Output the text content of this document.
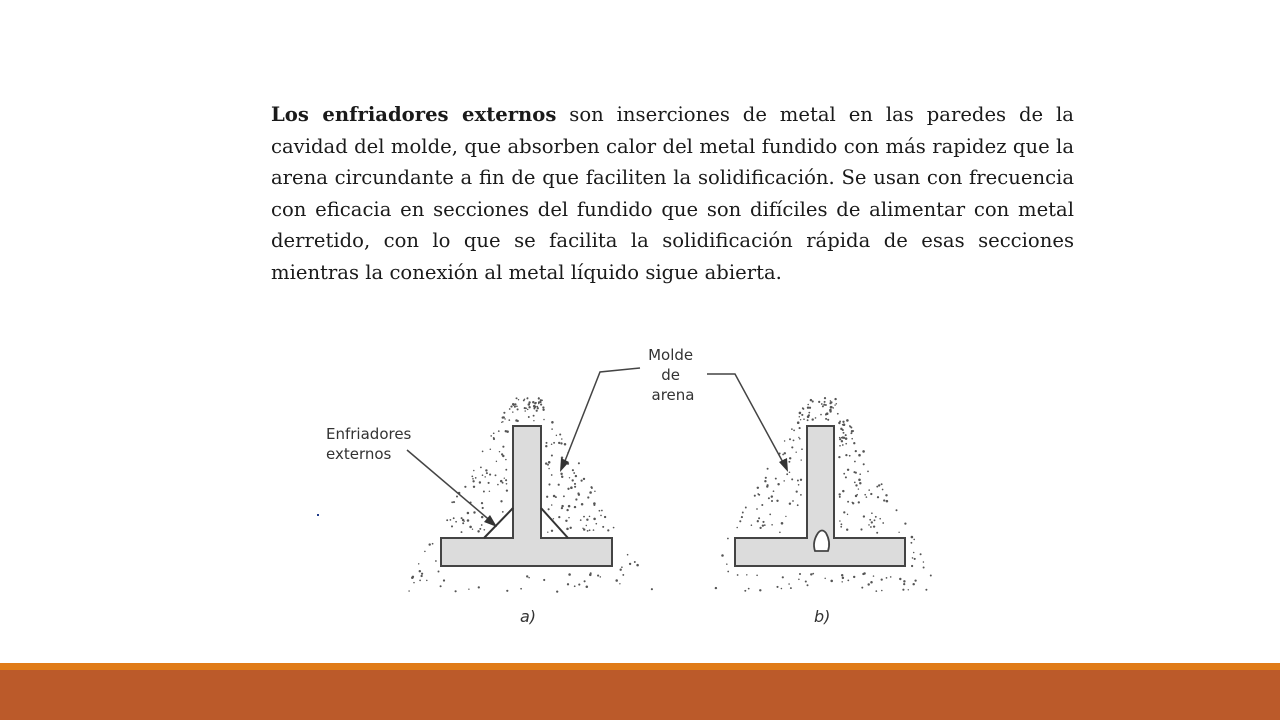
Los enfriadores externos son inserciones de metal en las paredes de la cavidad del molde, que absorben calor del metal fundido con más rapidez que la arena circundante a fin de que faciliten la solidificación. Se usan con frecuencia con eficacia en secciones del fundido que son difíciles de alimentar con metal derretido, con lo que se facilita la solidificación rápida de esas secciones mientras la conexión al metal líquido sigue abierta.

Molde de arena
Enfriadores externos
a)	b)
